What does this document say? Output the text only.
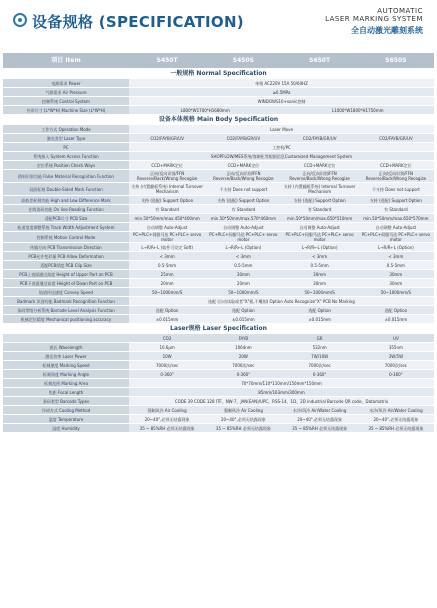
设备规格 (SPECIFICATION)
AUTOMATIC
LASER MARKING SYSTEM
全自动激光雕刻系统
项目 Item	S450T	S450S	S650T	S650S
一般规格 Normal Specification				
电源需求 Power	单相 AC220V 15A 50/60HZ			
气源需求 Air Pressure	≥0.5MPa			
控制系统 Control System	WINDOWS10+sonic控制			
外形尺寸 (L*W*H) Machine Size (L*W*H)	L800*W1700*H1680mm		L1000*W1800*H1750mm	
设备本体规格 Main Body Specification				
工作方式 Operation Mode	Laser Move			
激光类型 Laser Type	CO2/FAYB/GR/UV	CO2/FAYB/GR/UV	CO2/FAYB/GR/UV	CO2/FAYB/GR/UV
PC	工控机/PC			
系统接入 System Access Function	SHOPFLOW/MES系统/客制化等根据信息Customized Management System			
定位系统 Position Check Ways	CCD+MARK定位	CCD+MARK定位	CCD+MARK定位	CCD+MARK定位
错料识别功能 False Material Recognition Function	正向/反向识别/FFN Reverse/Back/Wrong Recogize	正向/反向识别/FFN Reverse/Back/Wrong Recogize	正向/反向识别/FFN Reverse/Back/Wrong Recogize	正向/反向识别/FFN Reverse/Back/Wrong Recogize
双面标刻 Double-Sided Mark Function	支持 (内置翻板系统) Internal Turnover Mechanism	不支持 Does not support	支持 (内置翻板系统) Internal Turnover Mechanism	不支持 Does not support
高低差标刻功能 High and Low Difference Mark	支持 (选配) Support Option	支持 (选配) Support Option	支持 (选配) Support Option	支持 (选配) Support Option
在线读码功能 On line Reading Function	有 Standard	有 Standard	有 Standard	有 Standard
适配PCB尺寸 PCB Size	min.50*50mm/max.450*400mm	min.50*50mm/max.570*460mm	min.50*50mm/max.650*510mm	min.50*50mm/max.650*570mm
轨道宽度调整系统 Track Width Adjustment System	自动调整 Auto-Adjust	自动调整 Auto-Adjust	自动调整 Auto-Adjust	自动调整 Auto-Adjust
控制系统 Motion Control Mode	PC+PLC+伺服马达 PC+PLC+ servo motor	PC+PLC+伺服马达 PC+PLC+ servo motor	PC+PLC+伺服马达 PC+PLC+ servo motor	PC+PLC+伺服马达 PC+PLC+ servo motor
传输方向 PCB Transmission Direction	L→R/R←L (软件可设定 Soft)	L→R/R←L (Option)	L→R/R←L (Option)	L→R/R←L (Option)
PCB允许变形量 PCB Allow Deformation	< 3mm	< 3mm	< 3mm	< 3mm
适配PCB厚度 PCB Clip Size	0.5-5mm	0.5-5mm	0.5-5mm	0.5-5mm
PCB上表面通过高度 Height of Upper Part on PCB	25mm	30mm	30mm	30mm
PCB下表面通过高度 Height of Down Part on PCB	20mm	20mm	30mm	30mm
轨道传送速度 Convey Speed	50~1000mm/S	50~1000mm/S	50~1000mm/S	50~1000mm/S
Badmark 识别功能 Badmark Recognition Function	选配 (自动读取或者"X"板,不雕刻) Option Auto Recognize"X" PCB No Marking			
条码等级分析系统 Barcode Level Analysis Function	选配 Option	选配 Option	选配 Option	选配 Option
机械定位精度 Mechanical positioning accuracy	±0.015mm	±0.015mm	±0.015mm	±0.015mm
Laser规格 Laser Specification				
	CO2	FAYB	GR	UV
波长 Wavelength	10.6μm	1064nm	532nm	355nm
激光功率 Laser Power	10W	20W	7W/10W	3W/5W
标刻速度 Marking Speed	7000次/sec	7000次/sec	7000次/sec	7000次/sec
标刻角度 Marking Angle	0-360°	0-360°	0-360°	0-360°
标刻范围 Marking Area	70*70mm/110*110mm/150mm*150mm			
焦距 Focal Length	85mm/163mm/300mm			
条码类型 Barcode Types	CODE 39 CODE 128 ITF、NW-7、JAN(EAN)/UPC、RSS-14、1D、2D industrial Barcode QR code、Datamatrix			
冷却方式 Cooling Method	强制风冷 Air Cooling	强制风冷 Air Cooling	水冷/风冷 Air/Water Cooling	水冷/风冷 Air/Water Cooling
温度 Temperature	20~40°,必须无结露现象	20~40°,必须无结露现象	20~40°,必须无结露现象	20~40°,必须无结露现象
湿度 Humidity	35 ~ 85%RH 必须无结露现象	35 ~ 85%RH 必须无结露现象	35 ~ 85%RH 必须无结露现象	35 ~ 85%RH 必须无结露现象
